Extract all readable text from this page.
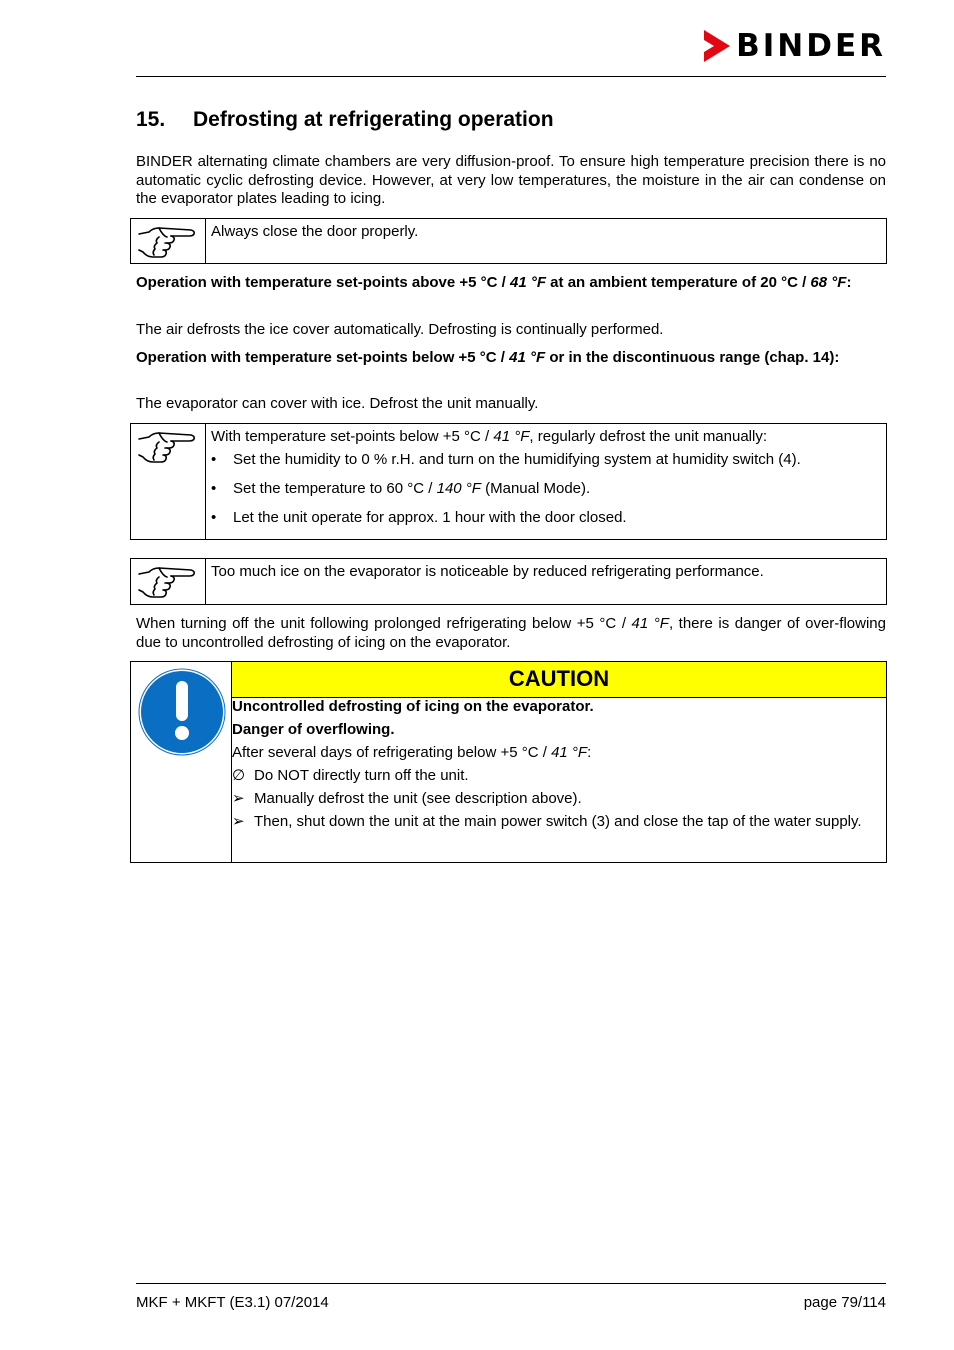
BINDER
15. Defrosting at refrigerating operation
BINDER alternating climate chambers are very diffusion-proof. To ensure high temperature precision there is no automatic cyclic defrosting device. However, at very low temperatures, the moisture in the air can condense on the evaporator plates leading to icing.
	Always close the door properly.
Operation with temperature set-points above +5 °C / 41 °F at an ambient temperature of 20 °C / 68 °F:
The air defrosts the ice cover automatically. Defrosting is continually performed.
Operation with temperature set-points below +5 °C / 41 °F or in the discontinuous range (chap. 14):
The evaporator can cover with ice. Defrost the unit manually.

With temperature set-points below +5 °C / 41 °F, regularly defrost the unit manually:
• Set the humidity to 0 % r.H. and turn on the humidifying system at humidity switch (4).
• Set the temperature to 60 °C / 140 °F (Manual Mode).
• Let the unit operate for approx. 1 hour with the door closed.
	Too much ice on the evaporator is noticeable by reduced refrigerating performance.
When turning off the unit following prolonged refrigerating below +5 °C / 41 °F, there is danger of over-flowing due to uncontrolled defrosting of icing on the evaporator.
	CAUTION

Uncontrolled defrosting of icing on the evaporator.
Danger of overflowing.
After several days of refrigerating below +5 °C / 41 °F:
∅ Do NOT directly turn off the unit.
➢ Manually defrost the unit (see description above).
➢ Then, shut down the unit at the main power switch (3) and close the tap of the water supply.
MKF + MKFT (E3.1) 07/2014	page 79/114
